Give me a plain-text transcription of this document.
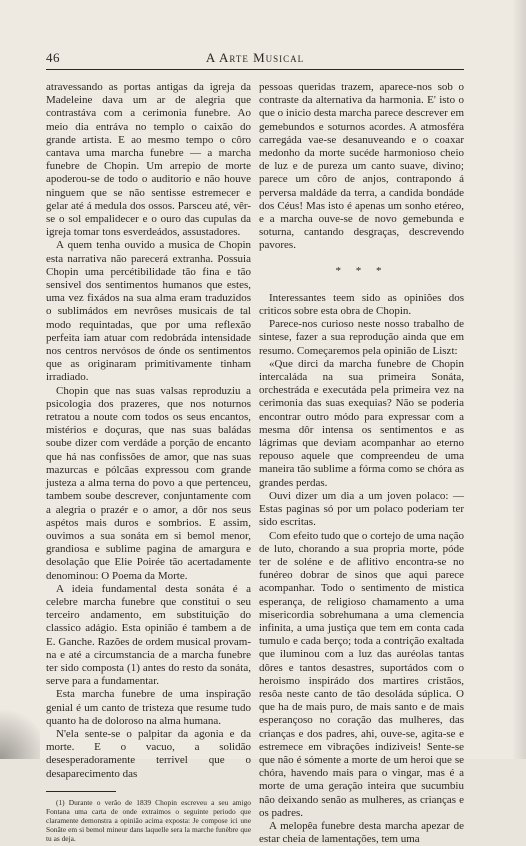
46	A Arte Musical

atravessando as portas antigas da igreja da Madeleine dava um ar de alegria que contrastáva com a cerimonia funebre. Ao meio dia entráva no templo o caixão do grande artista. E ao mesmo tempo o côro cantava uma marcha funebre — a marcha funebre de Chopin. Um arrepio de morte apoderou-se de todo o auditorio e não houve ninguem que se não sentisse estremecer e gelar até á medula dos ossos. Parsceu até, vêr-se o sol empalidecer e o ouro das cupulas da igreja tomar tons esverdeádos, assustadores.

A quem tenha ouvido a musica de Chopin esta narrativa não parecerá extranha. Possuia Chopin uma percétibilidade tão fina e tão sensivel dos sentimentos humanos que estes, uma vez fixádos na sua alma eram traduzidos o sublimádos em nevrôses musicais de tal modo requintadas, que por uma reflexão perfeita iam atuar com redobráda intensidade nos centros nervósos de ónde os sentimentos que as originaram primitivamente tinham irradiado.

Chopin que nas suas valsas reproduziu a psicologia dos prazeres, que nos noturnos retratou a noute com todos os seus encantos, mistérios e doçuras, que nas suas baládas soube dizer com verdáde a porção de encanto que há nas confissões de amor, que nas suas mazurcas e pólcãas expressou com grande justeza a alma terna do povo a que pertenceu, tambem soube descrever, conjuntamente com a alegria o prazér e o amor, a dôr nos seus aspétos mais duros e sombrios. E assim, ouvimos a sua sonáta em si bemol menor, grandiosa e sublime pagina de amargura e desolação que Elie Poirée tão acertadamente denominou: O Poema da Morte.

A ideia fundamental desta sonáta é a celebre marcha funebre que constitui o seu terceiro andamento, em substituição do classico adágio. Esta opinião é tambem a de E. Ganche. Razões de ordem musical provam-na e até a circumstancia de a marcha funebre ter sido composta (1) antes do resto da sonáta, serve para a fundamentar.

Esta marcha funebre de uma inspiração genial é um canto de tristeza que resume tudo quanto ha de doloroso na alma humana.

N'ela sente-se o palpitar da agonia e da morte. E o vacuo, a solidão desesperadoramente terrivel que o desaparecimento das

(1) Durante o verão de 1839 Chopin escreveu a seu amigo Fontana uma carta de onde extraimos o seguinte periodo que claramente demonstra a opinião acima exposta: Je compose ici une Sonâte em si bemol mineur dans laquelle sera la marche funèbre que tu as deja.

pessoas queridas trazem, aparece-nos sob o contraste da alternativa da harmonia. E' isto o que o inicio desta marcha parece descrever em gemebundos e soturnos acordes. A atmosféra carregáda vae-se desanuveando e o coaxar medonho da morte sucéde harmonioso cheio de luz e de pureza um canto suave, divino; parece um côro de anjos, contrapondo á perversa maldáde da terra, a candida bondáde dos Céus! Mas isto é apenas um sonho etéreo, e a marcha ouve-se de novo gemebunda e soturna, cantando desgraças, descrevendo pavores.

* * *

Interessantes teem sido as opiniões dos criticos sobre esta obra de Chopin.

Parece-nos curioso neste nosso trabalho de sintese, fazer a sua reprodução ainda que em resumo. Começaremos pela opinião de Liszt:

«Que dirci da marcha funebre de Chopin intercaláda na sua primeira Sonáta, orchestráda e executáda pela primeira vez na cerimonia das suas exequias? Não se poderia encontrar outro módo para expressar com a mesma dôr intensa os sentimentos e as lágrimas que deviam acompanhar ao eterno repouso aquele que compreendeu de uma maneira tão sublime a fórma como se chóra as grandes perdas.

Ouvi dizer um dia a um joven polaco: —Estas paginas só por um polaco poderiam ter sido escritas.

Com efeito tudo que o cortejo de uma nação de luto, chorando a sua propria morte, póde ter de soléne e de aflitivo encontra-se no funéreo dobrar de sinos que aqui parece acompanhar. Todo o sentimento de mistica esperança, de religioso chamamento a uma misericordia sobrehumana a uma clemencia infinita, a uma justiça que tem em conta cada tumulo e cada berço; toda a contrição exaltada que iluminou com a luz das auréolas tantas dôres e tantos desastres, suportádos com o heroismo inspirádo dos martires cristãos, resôa neste canto de tão desoláda súplica. O que ha de mais puro, de mais santo e de mais esperançoso no coração das mulheres, das crianças e dos padres, ahi, ouve-se, agita-se e estremece em vibrações indiziveis! Sente-se que não é sómente a morte de um heroi que se chóra, havendo mais para o vingar, mas é a morte de uma geração inteira que sucumbiu não deixando senão as mulheres, as crianças e os padres.

A melopêa funebre desta marcha apezar de estar cheia de lamentações, tem uma
